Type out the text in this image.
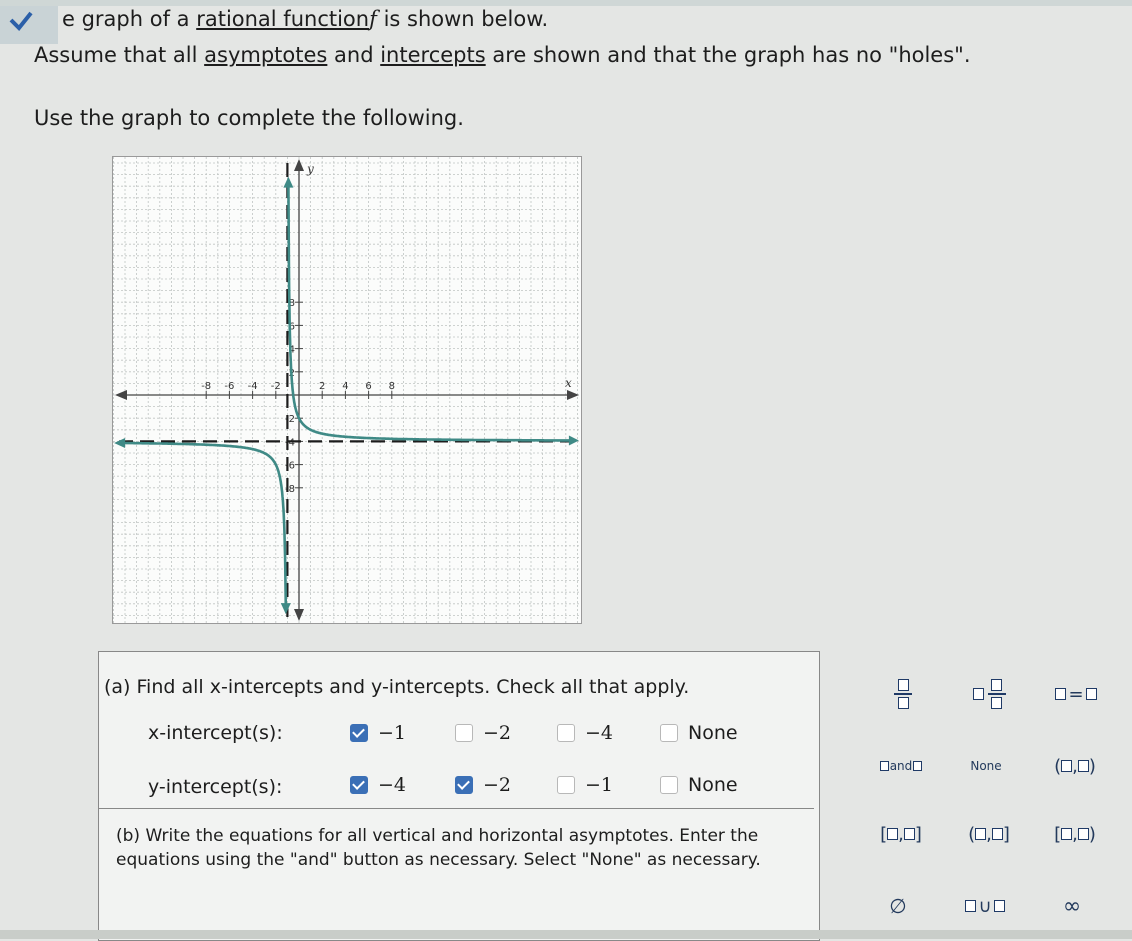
e graph of a rational functionf is shown below.
Assume that all asymptotes and intercepts are shown and that the graph has no "holes".
Use the graph to complete the following.
x
y
-8 -6 -4 -2	2 4 6 8
8
6
4
2
-2
-4
-6
-8
(a) Find all x-intercepts and y-intercepts. Check all that apply.
x-intercept(s):	−1	−2	−4	None
y-intercept(s):	−4	−2	−1	None
(b) Write the equations for all vertical and horizontal asymptotes. Enter the equations using the "and" button as necessary. Select "None" as necessary.
=
and	None	( , )
[ , ]	( , ] [ , )
∅	∪	∞
